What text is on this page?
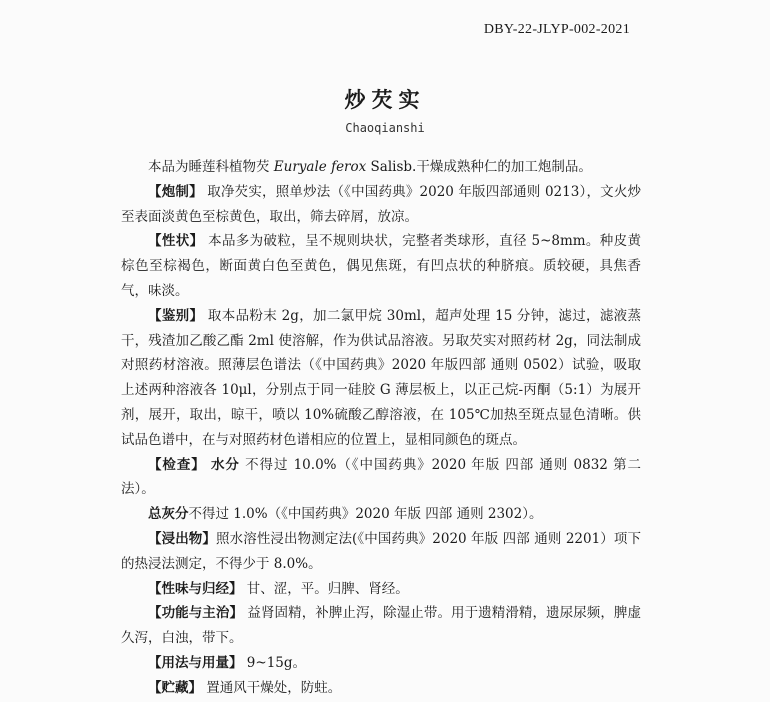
DBY-22-JLYP-002-2021
炒芡实
Chaoqianshi

本品为睡莲科植物芡 Euryale ferox Salisb.干燥成熟种仁的加工炮制品。

【炮制】 取净芡实，照单炒法（《中国药典》2020 年版四部通则 0213），文火炒至表面淡黄色至棕黄色，取出，筛去碎屑，放凉。

【性状】 本品多为破粒，呈不规则块状，完整者类球形，直径 5~8mm。种皮黄棕色至棕褐色，断面黄白色至黄色，偶见焦斑，有凹点状的种脐痕。质较硬，具焦香气，味淡。

【鉴别】 取本品粉末 2g，加二氯甲烷 30ml，超声处理 15 分钟，滤过，滤液蒸干，残渣加乙酸乙酯 2ml 使溶解，作为供试品溶液。另取芡实对照药材 2g，同法制成对照药材溶液。照薄层色谱法（《中国药典》2020 年版四部 通则 0502）试验，吸取上述两种溶液各 10μl，分别点于同一硅胶 G 薄层板上，以正己烷-丙酮（5:1）为展开剂，展开，取出，晾干，喷以 10%硫酸乙醇溶液，在 105℃加热至斑点显色清晰。供试品色谱中，在与对照药材色谱相应的位置上，显相同颜色的斑点。

【检查】 水分 不得过 10.0%（《中国药典》2020 年版 四部 通则 0832 第二法）。

总灰分不得过 1.0%（《中国药典》2020 年版 四部 通则 2302）。

【浸出物】照水溶性浸出物测定法(《中国药典》2020 年版 四部 通则 2201）项下的热浸法测定，不得少于 8.0%。

【性味与归经】 甘、涩，平。归脾、肾经。

【功能与主治】 益肾固精，补脾止泻，除湿止带。用于遗精滑精，遗尿尿频，脾虚久泻，白浊，带下。

【用法与用量】 9~15g。

【贮藏】 置通风干燥处，防蛀。
